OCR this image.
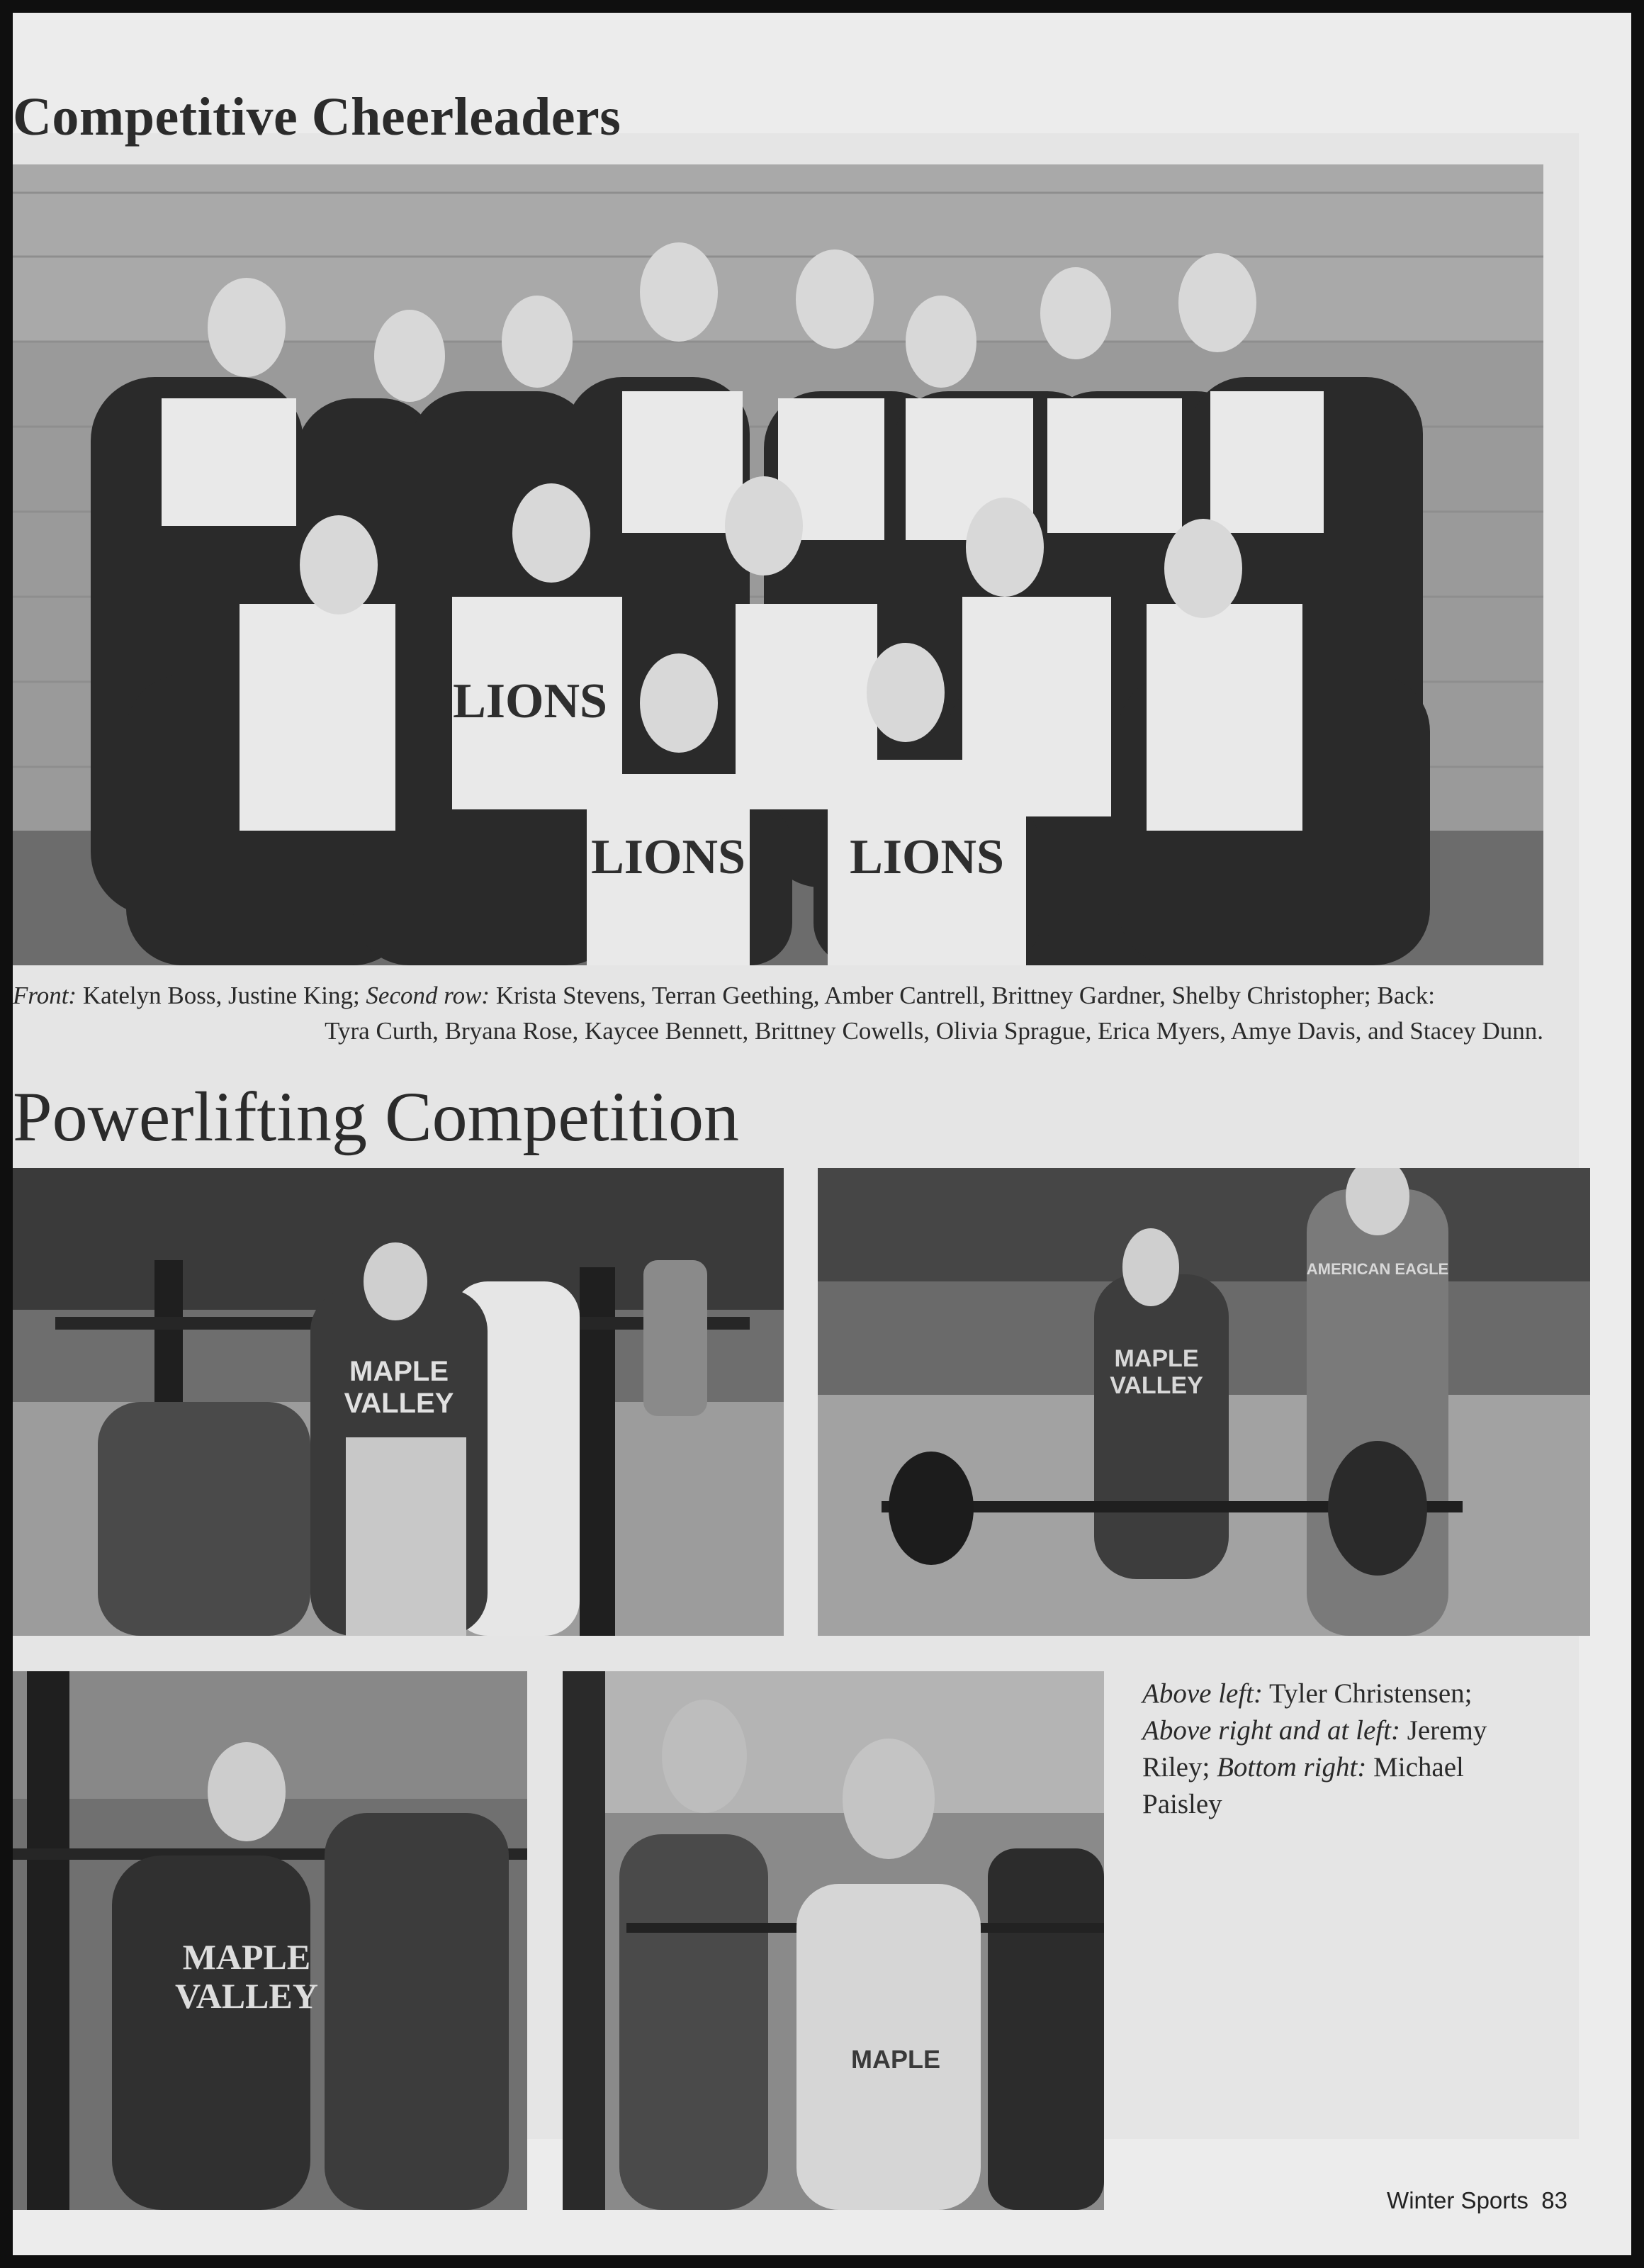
Competitive Cheerleaders
LIONS
LIONS LIONS
Front: Katelyn Boss, Justine King; Second row: Krista Stevens, Terran Geething, Amber Cantrell, Brittney Gardner, Shelby Christopher; Back:
Tyra Curth, Bryana Rose, Kaycee Bennett, Brittney Cowells, Olivia Sprague, Erica Myers, Amye Davis, and Stacey Dunn.
Powerlifting Competition
MAPLE
VALLEY
MAPLE
VALLEY
AMERICAN EAGLE
MAPLE
VALLEY
MAPLE
Above left: Tyler Christensen; Above right and at left: Jeremy Riley; Bottom right: Michael Paisley
Winter Sports 83
